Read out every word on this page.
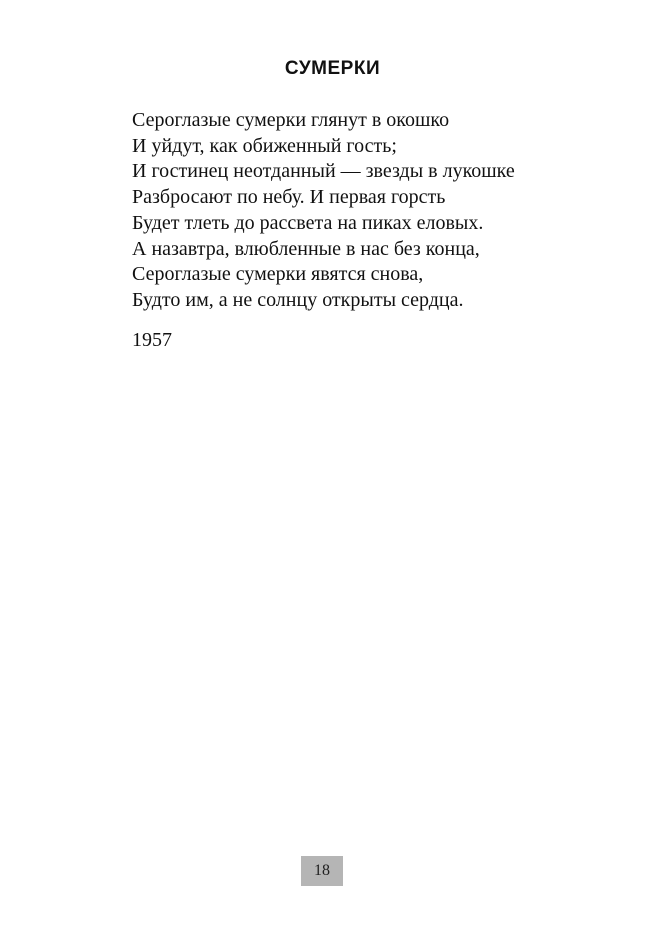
СУМЕРКИ
Сероглазые сумерки глянут в окошко
И уйдут, как обиженный гость;
И гостинец неотданный — звезды в лукошке
Разбросают по небу. И первая горсть
Будет тлеть до рассвета на пиках еловых.
А назавтра, влюбленные в нас без конца,
Сероглазые сумерки явятся снова,
Будто им, а не солнцу открыты сердца.

1957

18
